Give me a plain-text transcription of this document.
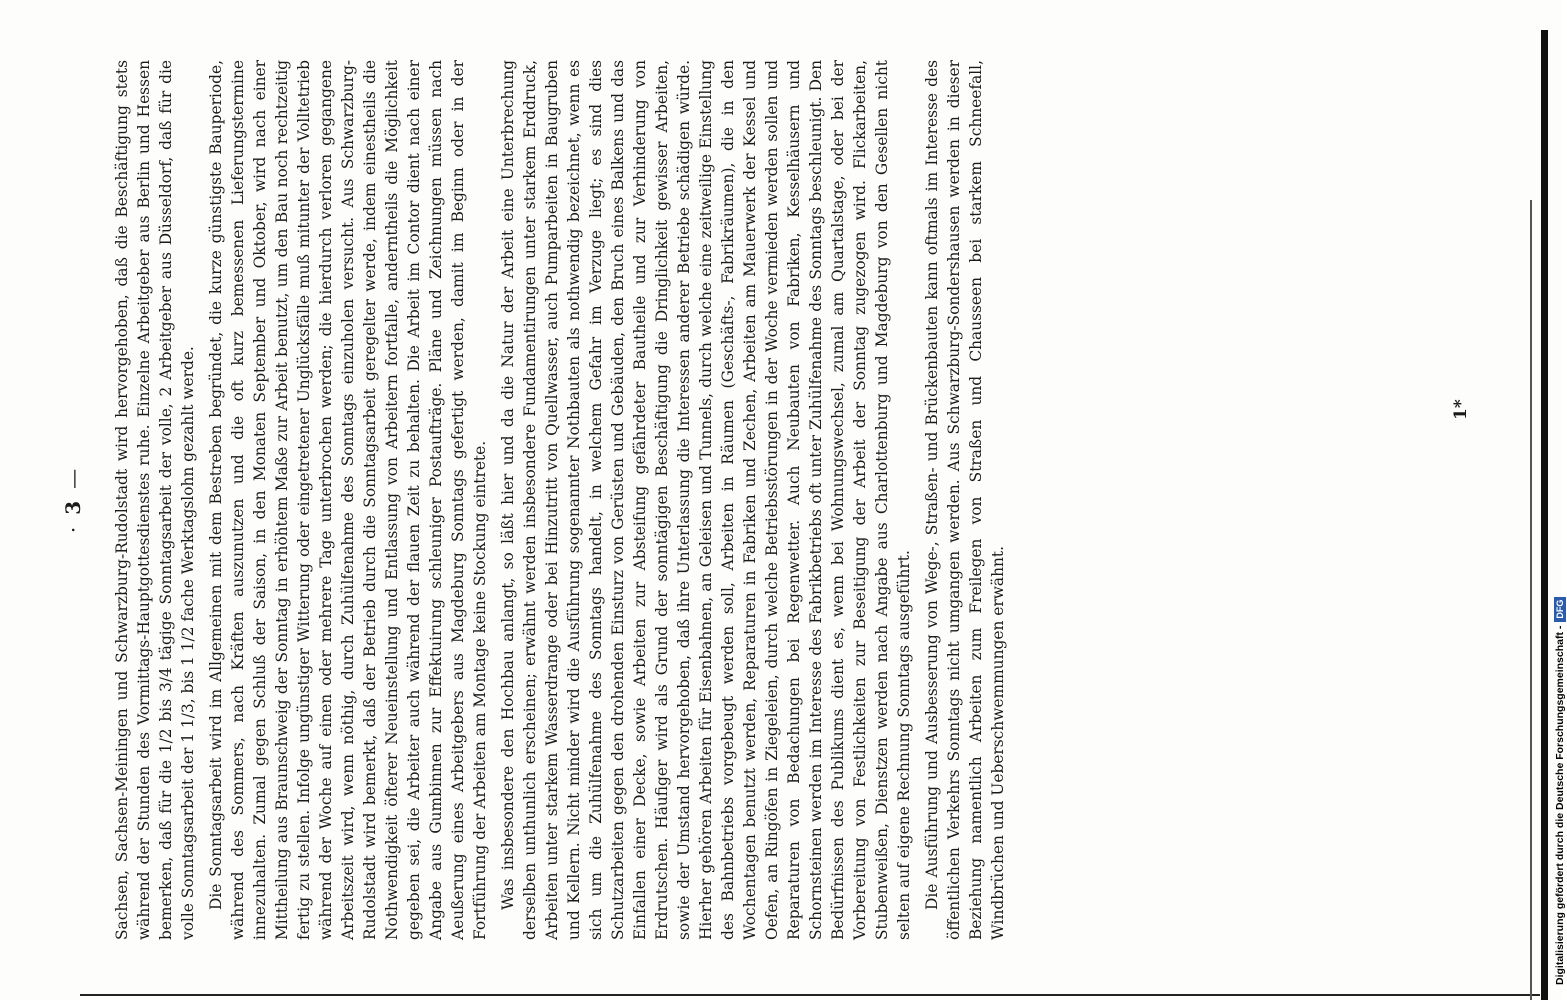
·3— Sachsen, Sachsen-Meiningen und Schwarzburg-Rudolstadt wird hervorgehoben, daß die Beschäftigung stets während der Stunden des Vormittags-Hauptgottesdienstes ruhe. Einzelne Arbeitgeber aus Berlin und Hessen bemerken, daß für die 1/2 bis 3/4 tägige Sonntagsarbeit der volle, 2 Arbeitgeber aus Düsseldorf, daß für die volle Sonntagsarbeit der 1 1/3, bis 1 1/2 fache Werktagslohn gezahlt werde. Die Sonntagsarbeit wird im Allgemeinen mit dem Bestreben begründet, die kurze günstigste Bauperiode, während des Sommers, nach Kräften auszunutzen und die oft kurz bemessenen Lieferungstermine innezuhalten. Zumal gegen Schluß der Saison, in den Monaten September und Oktober, wird nach einer Mittheilung aus Braunschweig der Sonntag in erhöhtem Maße zur Arbeit benutzt, um den Bau noch rechtzeitig fertig zu stellen. Infolge ungünstiger Witterung oder eingetretener Unglücksfälle muß mitunter der Volltetrieb während der Woche auf einen oder mehrere Tage unterbrochen werden; die hierdurch verloren gegangene Arbeitszeit wird, wenn nöthig, durch Zuhülfenahme des Sonntags einzuholen versucht. Aus Schwarzburg-Rudolstadt wird bemerkt, daß der Betrieb durch die Sonntagsarbeit geregelter werde, indem einestheils die Nothwendigkeit öfterer Neueinstellung und Entlassung von Arbeitern fortfalle, anderntheils die Möglichkeit gegeben sei, die Arbeiter auch während der flauen Zeit zu behalten. Die Arbeit im Contor dient nach einer Angabe aus Gumbinnen zur Effektuirung schleuniger Postaufträge. Pläne und Zeichnungen müssen nach Aeußerung eines Arbeitgebers aus Magdeburg Sonntags gefertigt werden, damit im Beginn oder in der Fortführung der Arbeiten am Montage keine Stockung eintrete. Was insbesondere den Hochbau anlangt, so läßt hier und da die Natur der Arbeit eine Unterbrechung derselben unthunlich erscheinen; erwähnt werden insbesondere Fundamentirungen unter starkem Erddruck, Arbeiten unter starkem Wasserdrange oder bei Hinzutritt von Quellwasser, auch Pumparbeiten in Baugruben und Kellern. Nicht minder wird die Ausführung sogenannter Nothbauten als nothwendig bezeichnet, wenn es sich um die Zuhülfenahme des Sonntags handelt, in welchem Gefahr im Verzuge liegt; es sind dies Schutzarbeiten gegen den drohenden Einsturz von Gerüsten und Gebäuden, den Bruch eines Balkens und das Einfallen einer Decke, sowie Arbeiten zur Absteifung gefährdeter Bautheile und zur Verhinderung von Erdrutschen. Häufiger wird als Grund der sonntägigen Beschäftigung die Dringlichkeit gewisser Arbeiten, sowie der Umstand hervorgehoben, daß ihre Unterlassung die Interessen anderer Betriebe schädigen würde. Hierher gehören Arbeiten für Eisenbahnen, an Geleisen und Tunnels, durch welche eine zeitweilige Einstellung des Bahnbetriebs vorgebeugt werden soll, Arbeiten in Räumen (Geschäfts-, Fabrikräumen), die in den Wochentagen benutzt werden, Reparaturen in Fabriken und Zechen, Arbeiten am Mauerwerk der Kessel und Oefen, an Ringöfen in Ziegeleien, durch welche Betriebsstörungen in der Woche vermieden werden sollen und Reparaturen von Bedachungen bei Regenwetter. Auch Neubauten von Fabriken, Kesselhäusern und Schornsteinen werden im Interesse des Fabrikbetriebs oft unter Zuhülfenahme des Sonntags beschleunigt. Den Bedürfnissen des Publikums dient es, wenn bei Wohnungswechsel, zumal am Quartalstage, oder bei der Vorbereitung von Festlichkeiten zur Beseitigung der Arbeit der Sonntag zugezogen wird. Flickarbeiten, Stubenweißen, Dienstzen werden nach Angabe aus Charlottenburg und Magdeburg von den Gesellen nicht selten auf eigene Rechnung Sonntags ausgeführt. Die Ausführung und Ausbesserung von Wege-, Straßen- und Brückenbauten kann oftmals im Interesse des öffentlichen Verkehrs Sonntags nicht umgangen werden. Aus Schwarzburg-Sondershausen werden in dieser Beziehung namentlich Arbeiten zum Freilegen von Straßen und Chausseen bei starkem Schneefall, Windbrüchen und Ueberschwemmungen erwähnt.

1*
Digitalisierung gefördert durch die Deutsche Forschungsgemeinschaft -DFG
